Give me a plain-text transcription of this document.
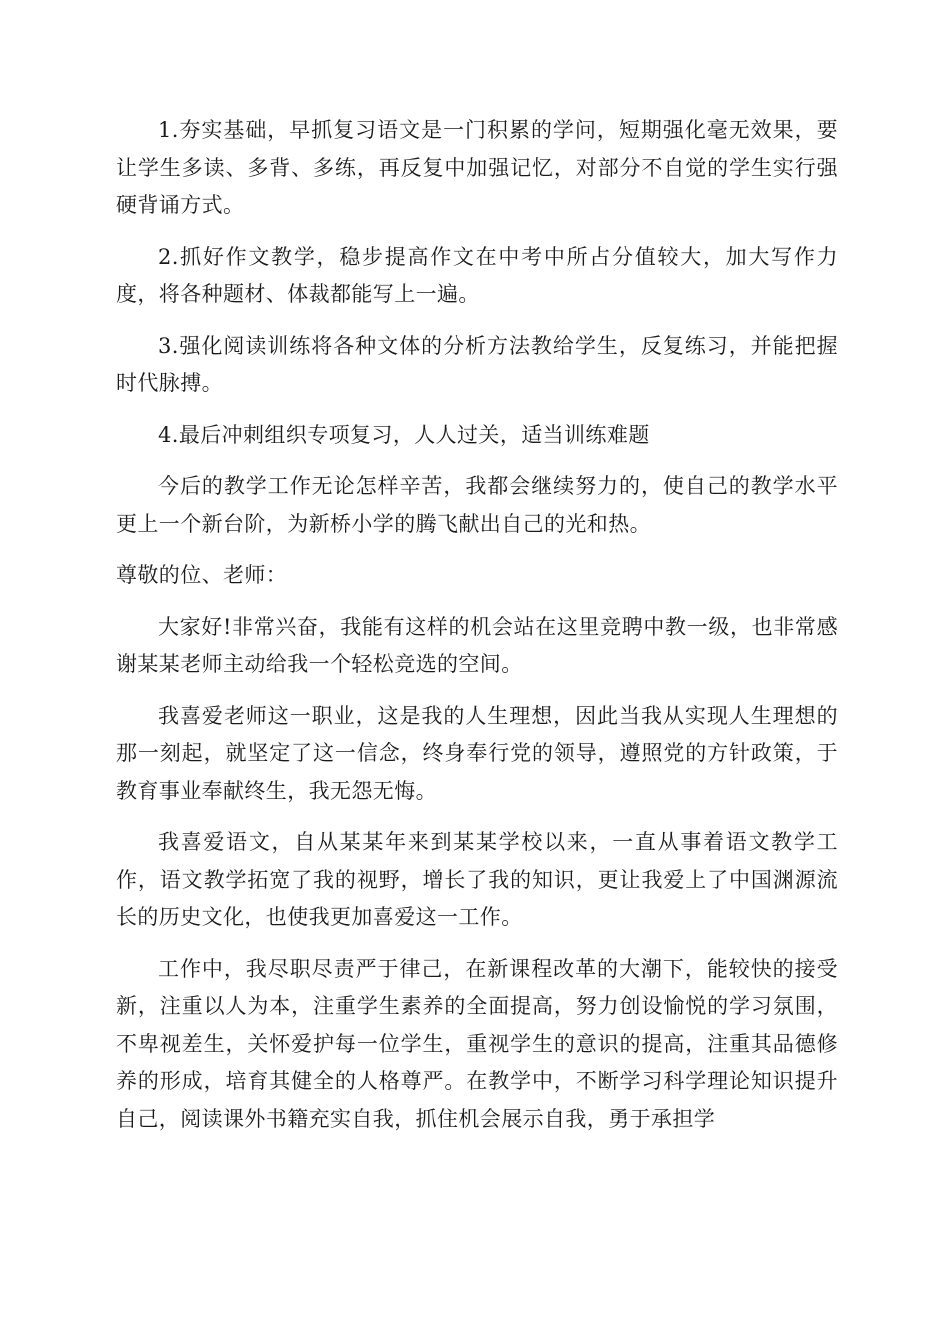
1.夯实基础，早抓复习语文是一门积累的学问，短期强化毫无效果，要让学生多读、多背、多练，再反复中加强记忆，对部分不自觉的学生实行强硬背诵方式。

2.抓好作文教学，稳步提高作文在中考中所占分值较大，加大写作力度，将各种题材、体裁都能写上一遍。

3.强化阅读训练将各种文体的分析方法教给学生，反复练习，并能把握时代脉搏。

4.最后冲刺组织专项复习，人人过关，适当训练难题

今后的教学工作无论怎样辛苦，我都会继续努力的，使自己的教学水平更上一个新台阶，为新桥小学的腾飞献出自己的光和热。

尊敬的位、老师：

大家好!非常兴奋，我能有这样的机会站在这里竞聘中教一级，也非常感谢某某老师主动给我一个轻松竞选的空间。

我喜爱老师这一职业，这是我的人生理想，因此当我从实现人生理想的那一刻起，就坚定了这一信念，终身奉行党的领导，遵照党的方针政策，于教育事业奉献终生，我无怨无悔。

我喜爱语文，自从某某年来到某某学校以来，一直从事着语文教学工作，语文教学拓宽了我的视野，增长了我的知识，更让我爱上了中国渊源流长的历史文化，也使我更加喜爱这一工作。

工作中，我尽职尽责严于律己，在新课程改革的大潮下，能较快的接受新，注重以人为本，注重学生素养的全面提高，努力创设愉悦的学习氛围，不卑视差生，关怀爱护每一位学生，重视学生的意识的提高，注重其品德修养的形成，培育其健全的人格尊严。在教学中，不断学习科学理论知识提升自己，阅读课外书籍充实自我，抓住机会展示自我，勇于承担学
